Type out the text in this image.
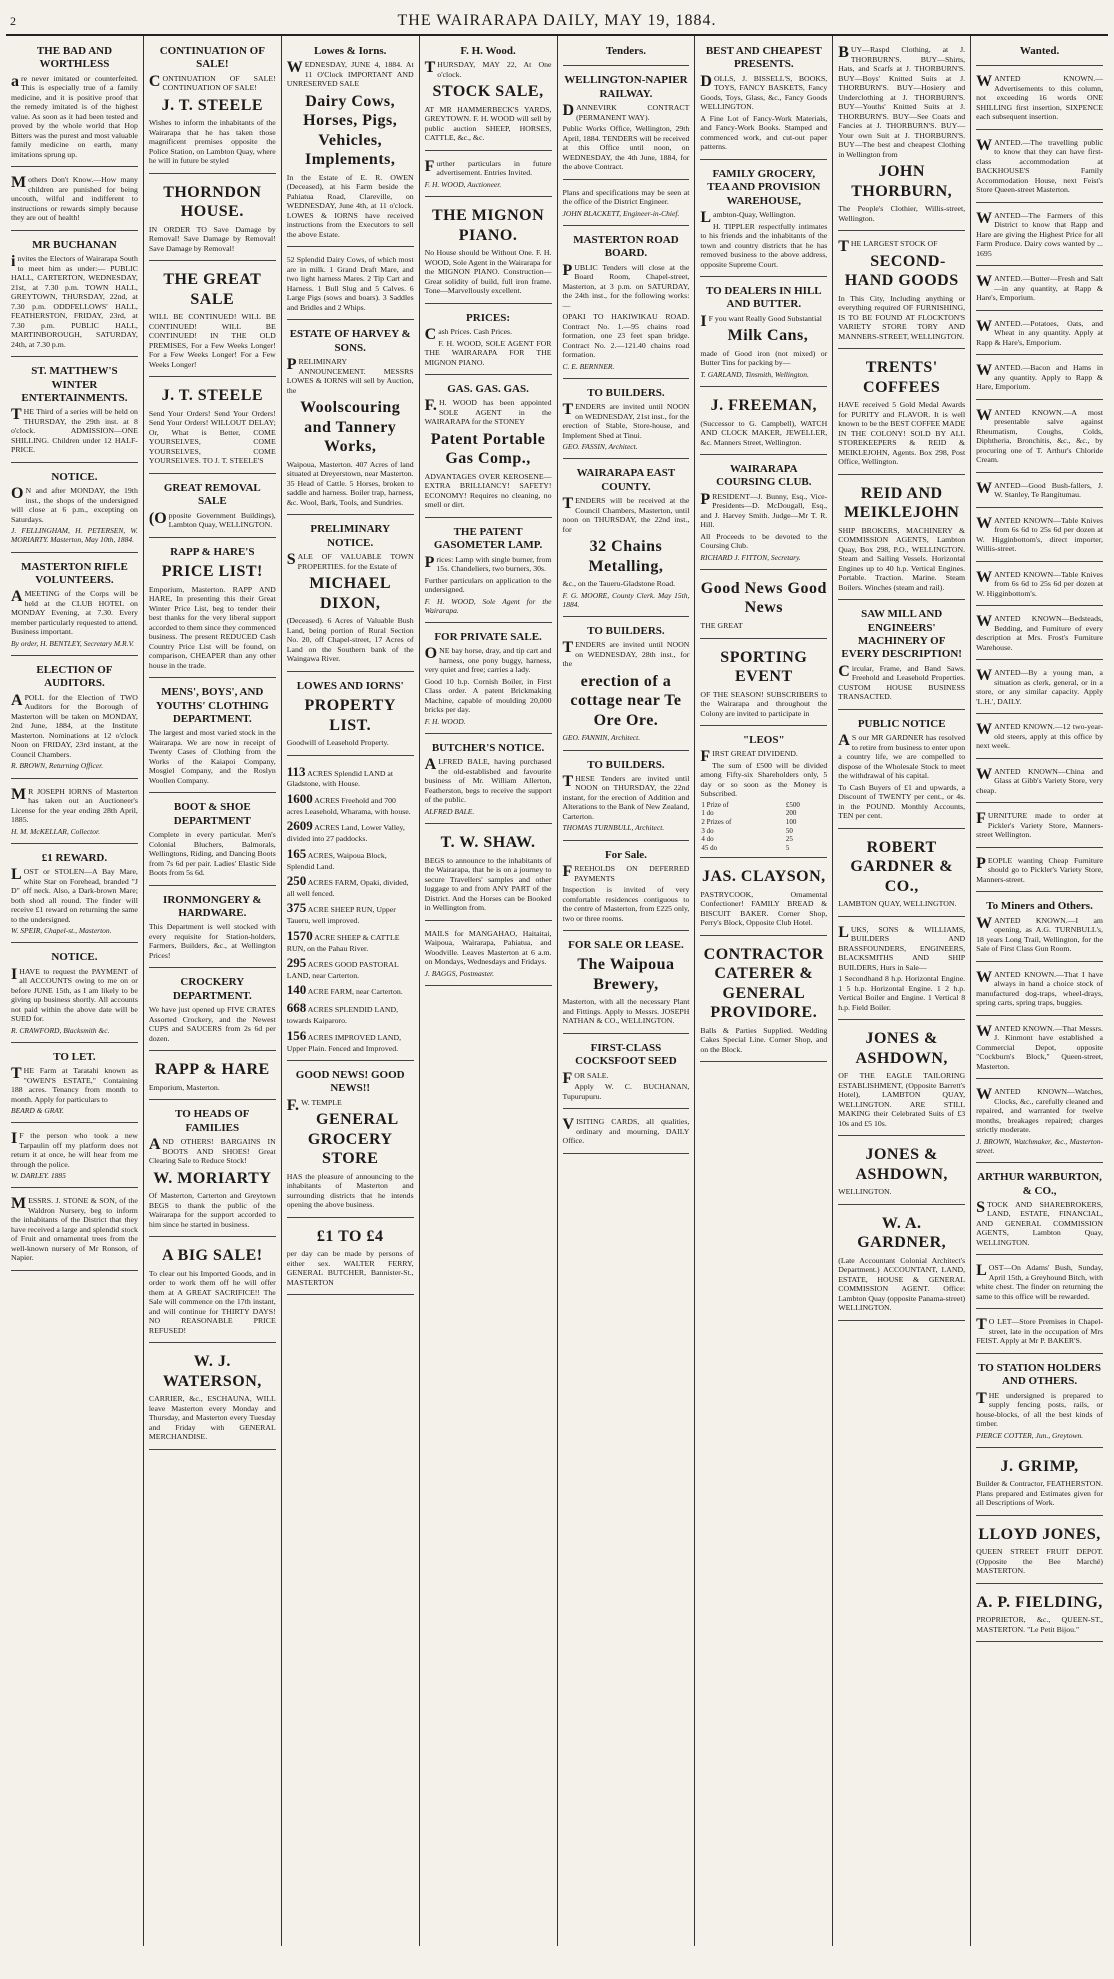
2	THE WAIRARAPA DAILY, MAY 19, 1884.
THE BAD AND WORTHLESS

are never imitated or counterfeited. This is especially true of a family medicine, and it is positive proof that the remedy imitated is of the highest value. As soon as it had been tested and proved by the whole world that Hop Bitters was the purest and most valuable family medicine on earth, many imitations sprung up.

Mothers Don't Know.—How many children are punished for being uncouth, wilful and indifferent to instructions or rewards simply because they are out of health!

MR BUCHANAN

invites the Electors of Wairarapa South to meet him as under:— PUBLIC HALL, CARTERTON, WEDNESDAY, 21st, at 7.30 p.m. TOWN HALL, GREYTOWN, THURSDAY, 22nd, at 7.30 p.m. ODDFELLOWS' HALL, FEATHERSTON, FRIDAY, 23rd, at 7.30 p.m. PUBLIC HALL, MARTINBOROUGH, SATURDAY, 24th, at 7.30 p.m.

ST. MATTHEW'S WINTER ENTERTAINMENTS.

THE Third of a series will be held on THURSDAY, the 29th inst. at 8 o'clock. ADMISSION—ONE SHILLING. Children under 12 HALF-PRICE.

NOTICE.

ON and after MONDAY, the 19th inst., the shops of the undersigned will close at 6 p.m., excepting on Saturdays.

J. FELLINGHAM, H. PETERSEN, W. MORIARTY. Masterton, May 10th, 1884.

MASTERTON RIFLE VOLUNTEERS.

AMEETING of the Corps will be held at the CLUB HOTEL on MONDAY Evening, at 7.30. Every member particularly requested to attend. Business important.

By order, H. BENTLEY, Secretary M.R.V.

ELECTION OF AUDITORS.

APOLL for the Election of TWO Auditors for the Borough of Masterton will be taken on MONDAY, 2nd June, 1884, at the Institute Masterton. Nominations at 12 o'clock Noon on FRIDAY, 23rd instant, at the Council Chambers.

R. BROWN, Returning Officer.

MR JOSEPH IORNS of Masterton has taken out an Auctioneer's License for the year ending 28th April, 1885.

H. M. McKELLAR, Collector.

£1 REWARD.

LOST or STOLEN—A Bay Mare, white Star on Forehead, branded "J D" off neck. Also, a Dark-brown Mare; both shod all round. The finder will receive £1 reward on returning the same to the undersigned.

W. SPEIR, Chapel-st., Masterton.

NOTICE.

IHAVE to request the PAYMENT of all ACCOUNTS owing to me on or before JUNE 15th, as I am likely to be giving up business shortly. All accounts not paid within the above date will be SUED for.

R. CRAWFORD, Blacksmith &c.

TO LET.

THE Farm at Taratahi known as "OWEN'S ESTATE," Containing 188 acres. Tenancy from month to month. Apply for particulars to

BEARD & GRAY.

IF the person who took a new Tarpaulin off my platform does not return it at once, he will hear from me through the police.

W. DARLEY. 1885

MESSRS. J. STONE & SON, of the Waldron Nursery, beg to inform the inhabitants of the District that they have received a large and splendid stock of Fruit and ornamental trees from the well-known nursery of Mr Ronson, of Napier.

CONTINUATION OF SALE!

CONTINUATION OF SALE! CONTINUATION OF SALE!

J. T. STEELE

Wishes to inform the inhabitants of the Wairarapa that he has taken those magnificent premises opposite the Police Station, on Lambton Quay, where he will in future be styled

THORNDON HOUSE.

IN ORDER TO Save Damage by Removal! Save Damage by Removal! Save Damage by Removal!

THE GREAT SALE

WILL BE CONTINUED! WILL BE CONTINUED! WILL BE CONTINUED! IN THE OLD PREMISES, For a Few Weeks Longer! For a Few Weeks Longer! For a Few Weeks Longer!

J. T. STEELE

Send Your Orders! Send Your Orders! Send Your Orders! WILLOUT DELAY; Or, What is Better, COME YOURSELVES, COME YOURSELVES, COME YOURSELVES. TO J. T. STEELE'S

GREAT REMOVAL SALE

(Opposite Government Buildings), Lambton Quay, WELLINGTON.

RAPP & HARE'S
PRICE LIST!

Emporium, Masterton. RAPP AND HARE, In presenting this their Great Winter Price List, beg to tender their best thanks for the very liberal support accorded to them since they commenced business. The present REDUCED Cash Country Price List will be found, on comparison, CHEAPER than any other house in the trade.

MENS', BOYS', AND YOUTHS' CLOTHING DEPARTMENT.

The largest and most varied stock in the Wairarapa. We are now in receipt of Twenty Cases of Clothing from the Works of the Kaiapoi Company, Mosgiel Company, and the Roslyn Woollen Company.

BOOT & SHOE DEPARTMENT

Complete in every particular. Men's Colonial Bluchers, Balmorals, Wellingtons, Riding, and Dancing Boots from 7s 6d per pair. Ladies' Elastic Side Boots from 5s 6d.

IRONMONGERY & HARDWARE.

This Department is well stocked with every requisite for Station-holders, Farmers, Builders, &c., at Wellington Prices!

CROCKERY DEPARTMENT.

We have just opened up FIVE CRATES Assorted Crockery, and the Newest CUPS and SAUCERS from 2s 6d per dozen.

RAPP & HARE

Emporium, Masterton.

TO HEADS OF FAMILIES

AND OTHERS! BARGAINS IN BOOTS AND SHOES! Great Clearing Sale to Reduce Stock!

W. MORIARTY

Of Masterton, Carterton and Greytown BEGS to thank the public of the Wairarapa for the support accorded to him since he started in business.

A BIG SALE!

To clear out his Imported Goods, and in order to work them off he will offer them at A GREAT SACRIFICE!! The Sale will commence on the 17th instant, and will continue for THIRTY DAYS! NO REASONABLE PRICE REFUSED!

W. J. WATERSON,

CARRIER, &c., ESCHAUNA, WILL leave Masterton every Monday and Thursday, and Masterton every Tuesday and Friday with GENERAL MERCHANDISE.

Lowes & Iorns.

WEDNESDAY, JUNE 4, 1884. At 11 O'Clock IMPORTANT AND UNRESERVED SALE

Dairy Cows, Horses, Pigs, Vehicles, Implements,

In the Estate of E. R. OWEN (Deceased), at his Farm beside the Pahiatua Road, Clareville, on WEDNESDAY, June 4th, at 11 o'clock. LOWES & IORNS have received instructions from the Executors to sell the above Estate.

52 Splendid Dairy Cows, of which most are in milk. 1 Grand Draft Mare, and two light harness Mares. 2 Tip Cart and Harness. 1 Bull Slug and 5 Calves. 6 Large Pigs (sows and boars). 3 Saddles and Bridles and 2 Whips.

ESTATE OF HARVEY & SONS.

PRELIMINARY ANNOUNCEMENT. MESSRS LOWES & IORNS will sell by Auction, the

Woolscouring and Tannery Works,

Waipoua, Masterton. 407 Acres of land situated at Dreyerstown, near Masterton. 35 Head of Cattle. 5 Horses, broken to saddle and harness. Boiler trap, harness, &c. Wool, Bark, Tools, and Sundries.

PRELIMINARY NOTICE.

SALE OF VALUABLE TOWN PROPERTIES. for the Estate of

MICHAEL DIXON,

(Deceased). 6 Acres of Valuable Bush Land, being portion of Rural Section No. 20, off Chapel-street, 17 Acres of Land on the Southern bank of the Waingawa River.

LOWES AND IORNS'
PROPERTY LIST.

Goodwill of Leasehold Property.

113 ACRES Splendid LAND at Gladstone, with House.
1600 ACRES Freehold and 700 acres Leasehold, Wharama, with house.
2609 ACRES Land, Lower Valley, divided into 27 paddocks.
165 ACRES, Waipoua Block, Splendid Land.
250 ACRES FARM, Opaki, divided, all well fenced.
375 ACRE SHEEP RUN, Upper Taueru, well improved.
1570 ACRE SHEEP & CATTLE RUN, on the Pahau River.
295 ACRES GOOD PASTORAL LAND, near Carterton.
140 ACRE FARM, near Carterton.
668 ACRES SPLENDID LAND, towards Kaiparoro.
156 ACRES IMPROVED LAND, Upper Plain. Fenced and Improved.
GOOD NEWS! GOOD NEWS!!

F.W. TEMPLE

GENERAL GROCERY STORE

HAS the pleasure of announcing to the inhabitants of Masterton and surrounding districts that he intends opening the above business.

£1 TO £4

per day can be made by persons of either sex. WALTER FERRY, GENERAL BUTCHER, Bannister-St., MASTERTON

F. H. Wood.

THURSDAY, MAY 22, At One o'clock.

STOCK SALE,

AT MR HAMMERBECK'S YARDS, GREYTOWN. F. H. WOOD will sell by public auction SHEEP, HORSES, CATTLE, &c., &c.

Further particulars in future advertisement. Entries Invited.

F. H. WOOD, Auctioneer.

THE MIGNON PIANO.

No House should be Without One. F. H. WOOD, Sole Agent in the Wairarapa for the MIGNON PIANO. Construction—Great solidity of build, full iron frame. Tone—Marvellously excellent.

PRICES:

Cash Prices. Cash Prices.

F. H. WOOD, SOLE AGENT FOR THE WAIRARAPA FOR THE MIGNON PIANO.

GAS. GAS. GAS.

F.H. WOOD has been appointed SOLE AGENT in the WAIRARAPA for the STONEY

Patent Portable Gas Comp.,

ADVANTAGES OVER KEROSENE— EXTRA BRILLIANCY! SAFETY! ECONOMY! Requires no cleaning, no smell or dirt.

THE PATENT GASOMETER LAMP.

Prices: Lamp with single burner, from 15s. Chandeliers, two burners, 30s.

Further particulars on application to the undersigned.

F. H. WOOD, Sole Agent for the Wairarapa.

FOR PRIVATE SALE.

ONE bay horse, dray, and tip cart and harness, one pony buggy, harness, very quiet and free; carries a lady.

Good 10 h.p. Cornish Boiler, in First Class order. A patent Brickmaking Machine, capable of moulding 20,000 bricks per day.

F. H. WOOD.

BUTCHER'S NOTICE.

ALFRED BALE, having purchased the old-established and favourite business of Mr. William Allerton, Featherston, begs to receive the support of the public.

ALFRED BALE.

T. W. SHAW.

BEGS to announce to the inhabitants of the Wairarapa, that he is on a journey to secure Travellers' samples and other luggage to and from ANY PART of the District. And the Horses can be Booked in Wellington from.

MAILS for MANGAHAO, Haitaitai, Waipoua, Wairarapa, Pahiatua, and Woodville. Leaves Masterton at 6 a.m. on Mondays, Wednesdays and Fridays.

J. BAGGS, Postmaster.

Tenders.
WELLINGTON-NAPIER RAILWAY.

DANNEVIRK CONTRACT (PERMANENT WAY).

Public Works Office, Wellington, 29th April, 1884. TENDERS will be received at this Office until noon, on WEDNESDAY, the 4th June, 1884, for the above Contract.

Plans and specifications may be seen at the office of the District Engineer.

JOHN BLACKETT, Engineer-in-Chief.

MASTERTON ROAD BOARD.

PUBLIC Tenders will close at the Board Room, Chapel-street, Masterton, at 3 p.m. on SATURDAY, the 24th inst., for the following works:—

OPAKI TO HAKIWIKAU ROAD. Contract No. 1.—95 chains road formation, one 23 feet span bridge. Contract No. 2.—121.40 chains road formation.

C. E. BERNNER.

TO BUILDERS.

TENDERS are invited until NOON on WEDNESDAY, 21st inst., for the erection of Stable, Store-house, and Implement Shed at Tinui.

GEO. FASSIN, Architect.

WAIRARAPA EAST COUNTY.

TENDERS will be received at the Council Chambers, Masterton, until noon on THURSDAY, the 22nd inst., for

32 Chains Metalling,

&c., on the Taueru-Gladstone Road.

F. G. MOORE, County Clerk. May 15th, 1884.

TO BUILDERS.

TENDERS are invited until NOON on WEDNESDAY, 28th inst., for the

erection of a cottage near Te Ore Ore.

GEO. FANNIN, Architect.

TO BUILDERS.

THESE Tenders are invited until NOON on THURSDAY, the 22nd instant, for the erection of Addition and Alterations to the Bank of New Zealand, Carterton.

THOMAS TURNBULL, Architect.

For Sale.

FREEHOLDS ON DEFERRED PAYMENTS

Inspection is invited of very comfortable residences contiguous to the centre of Masterton, from £225 only, two or three rooms.

FOR SALE OR LEASE.
The Waipoua Brewery,

Masterton, with all the necessary Plant and Fittings. Apply to Messrs. JOSEPH NATHAN & CO., WELLINGTON.

FIRST-CLASS COCKSFOOT SEED

FOR SALE.

Apply W. C. BUCHANAN, Tupurupuru.

VISITING CARDS, all qualities, ordinary and mourning, DAILY Office.

BEST AND CHEAPEST PRESENTS.

DOLLS, J. BISSELL'S, BOOKS, TOYS, FANCY BASKETS, Fancy Goods, Toys, Glass, &c., Fancy Goods WELLINGTON.

A Fine Lot of Fancy-Work Materials, and Fancy-Work Books. Stamped and commenced work, and cut-out paper patterns.

FAMILY GROCERY, TEA AND PROVISION WAREHOUSE,

Lambton-Quay, Wellington.

H. TIPPLER respectfully intimates to his friends and the inhabitants of the town and country districts that he has removed business to the above address, opposite Supreme Court.

TO DEALERS IN HILL AND BUTTER.

IF you want Really Good Substantial

Milk Cans,

made of Good iron (not mixed) or Butter Tins for packing by—

T. GARLAND, Tinsmith, Wellington.

J. FREEMAN,

(Successor to G. Campbell), WATCH AND CLOCK MAKER, JEWELLER, &c. Manners Street, Wellington.

WAIRARAPA COURSING CLUB.

PRESIDENT—J. Bunny, Esq., Vice-Presidents—D. McDougall, Esq., and J. Harvey Smith. Judge—Mr T. R. Hill.

All Proceeds to be devoted to the Coursing Club.

RICHARD J. FITTON, Secretary.

Good News Good News

THE GREAT

SPORTING EVENT

OF THE SEASON! SUBSCRIBERS to the Wairarapa and throughout the Colony are invited to participate in

"LEOS"

FIRST GREAT DIVIDEND.

The sum of £500 will be divided among Fifty-six Shareholders only, 5 day or so soon as the Money is Subscribed.

1 Prize of	£500
1 do	200
2 Prizes of	100
3 do	50
4 do	25
45 do	5
JAS. CLAYSON,

PASTRYCOOK, Ornamental Confectioner! FAMILY BREAD & BISCUIT BAKER. Corner Shop, Perry's Block, Opposite Club Hotel.

CONTRACTOR CATERER & GENERAL PROVIDORE.

Balls & Parties Supplied. Wedding Cakes Special Line. Corner Shop, and on the Block.

BUY—Raspd Clothing, at J. THORBURN'S. BUY—Shirts, Hats, and Scarfs at J. THORBURN'S. BUY—Boys' Knitted Suits at J. THORBURN'S. BUY—Hosiery and Underclothing at J. THORBURN'S. BUY—Youths' Knitted Suits at J. THORBURN'S. BUY—See Coats and Fancies at J. THORBURN'S. BUY—Your own Suit at J. THORBURN'S. BUY—The best and cheapest Clothing in Wellington from

JOHN THORBURN,

The People's Clothier, Willis-street, Wellington.

THE LARGEST STOCK OF

SECOND-HAND GOODS

In This City, Including anything or everything required OF FURNISHING, IS TO BE FOUND AT FLOCKTON'S VARIETY STORE TORY AND MANNERS-STREET, WELLINGTON.

TRENTS' COFFEES

HAVE received 5 Gold Medal Awards for PURITY and FLAVOR. It is well known to be the BEST COFFEE MADE IN THE COLONY! SOLD BY ALL STOREKEEPERS & REID & MEIKLEJOHN, Agents. Box 298, Post Office, Wellington.

REID AND MEIKLEJOHN

SHIP BROKERS, MACHINERY & COMMISSION AGENTS, Lambton Quay, Box 298, P.O., WELLINGTON. Steam and Sailing Vessels. Horizontal Engines up to 40 h.p. Vertical Engines. Portable. Traction. Marine. Steam Boilers. Winches (steam and rail).

SAW MILL AND ENGINEERS' MACHINERY OF EVERY DESCRIPTION!

Circular, Frame, and Band Saws. Freehold and Leasehold Properties. CUSTOM HOUSE BUSINESS TRANSACTED.

PUBLIC NOTICE

AS our MR GARDNER has resolved to retire from business to enter upon a country life, we are compelled to dispose of the Wholesale Stock to meet the withdrawal of his capital.

To Cash Buyers of £1 and upwards, a Discount of TWENTY per cent., or 4s. in the POUND. Monthly Accounts, TEN per cent.

ROBERT GARDNER & CO.,

LAMBTON QUAY, WELLINGTON.

LUKS, SONS & WILLIAMS, BUILDERS AND BRASSFOUNDERS, ENGINEERS, BLACKSMITHS AND SHIP BUILDERS, Hurs in Sale—

1 Secondhand 8 h.p. Horizontal Engine. 1 5 h.p. Horizontal Engine. 1 2 h.p. Vertical Boiler and Engine. 1 Vertical 8 h.p. Field Boiler.

JONES & ASHDOWN,

OF THE EAGLE TAILORING ESTABLISHMENT, (Opposite Barrett's Hotel), LAMBTON QUAY, WELLINGTON. ARE STILL MAKING their Celebrated Suits of £3 10s and £5 10s.

JONES & ASHDOWN,

WELLINGTON.

W. A. GARDNER,

(Late Accountant Colonial Architect's Department.) ACCOUNTANT, LAND, ESTATE, HOUSE & GENERAL COMMISSION AGENT. Office: Lambton Quay (opposite Panama-street) WELLINGTON.

Wanted.

WANTED KNOWN.—Advertisements to this column, not exceeding 16 words ONE SHILLING first insertion, SIXPENCE each subsequent insertion.

WANTED.—The travelling public to know that they can have first-class accommodation at BACKHOUSE'S Family Accommodation House, next Feist's Store Queen-street Masterton.

WANTED—The Farmers of this District to know that Rapp and Hare are giving the Highest Price for all Farm Produce. Dairy cows wanted by ... 1695

WANTED.—Butter—Fresh and Salt—in any quantity, at Rapp & Hare's, Emporium.

WANTED.—Potatoes, Oats, and Wheat in any quantity. Apply at Rapp & Hare's, Emporium.

WANTED.—Bacon and Hams in any quantity. Apply to Rapp & Hare, Emporium.

WANTED KNOWN.—A most presentable salve against Rheumatism, Coughs, Colds, Diphtheria, Bronchitis, &c., &c., by procuring one of T. Arthur's Chloride Cream.

WANTED—Good Bush-fallers, J. W. Stanley, Te Rangitumau.

WANTED KNOWN—Table Knives from 6s 6d to 25s 6d per dozen at W. Higginbottom's, direct importer, Willis-street.

WANTED KNOWN—Table Knives from 6s 6d to 25s 6d per dozen at W. Higginbottom's.

WANTED KNOWN—Bedsteads, Bedding, and Furniture of every description at Mrs. Frost's Furniture Warehouse.

WANTED—By a young man, a situation as clerk, general, or in a store, or any similar capacity. Apply 'L.H.', DAILY.

WANTED KNOWN.—12 two-year-old steers, apply at this office by next week.

WANTED KNOWN—China and Glass at Gibb's Variety Store, very cheap.

FURNITURE made to order at Pickler's Variety Store, Manners-street Wellington.

PEOPLE wanting Cheap Furniture should go to Pickler's Variety Store, Manners-street.

To Miners and Others.

WANTED KNOWN.—I am opening, as A.G. TURNBULL's, 18 years Long Trail, Wellington, for the Sale of First Class Gun Room.

WANTED KNOWN.—That I have always in hand a choice stock of manufactured dog-traps, wheel-drays, spring carts, spring traps, buggies.

WANTED KNOWN.—That Messrs. J. Kinmont have established a Commercial Depot, opposite "Cockburn's Block," Queen-street, Masterton.

WANTED KNOWN—Watches, Clocks, &c., carefully cleaned and repaired, and warranted for twelve months, breakages repaired; charges strictly moderate.

J. BROWN, Watchmaker, &c., Masterton-street.

ARTHUR WARBURTON, & CO.,

STOCK AND SHAREBROKERS, LAND, ESTATE, FINANCIAL, AND GENERAL COMMISSION AGENTS, Lambton Quay, WELLINGTON.

LOST—On Adams' Bush, Sunday, April 15th, a Greyhound Bitch, with white chest. The finder on returning the same to this office will be rewarded.

TO LET—Store Premises in Chapel-street, late in the occupation of Mrs FEIST. Apply at Mr P. BAKER'S.

TO STATION HOLDERS AND OTHERS.

THE undersigned is prepared to supply fencing posts, rails, or house-blocks, of all the best kinds of timber.

PIERCE COTTER, Jun., Greytown.

J. GRIMP,

Builder & Contractor, FEATHERSTON. Plans prepared and Estimates given for all Descriptions of Work.

LLOYD JONES,

QUEEN STREET FRUIT DEPOT. (Opposite the Bee Marché) MASTERTON.

A. P. FIELDING,

PROPRIETOR, &c., QUEEN-ST., MASTERTON. "Le Petit Bijou."
